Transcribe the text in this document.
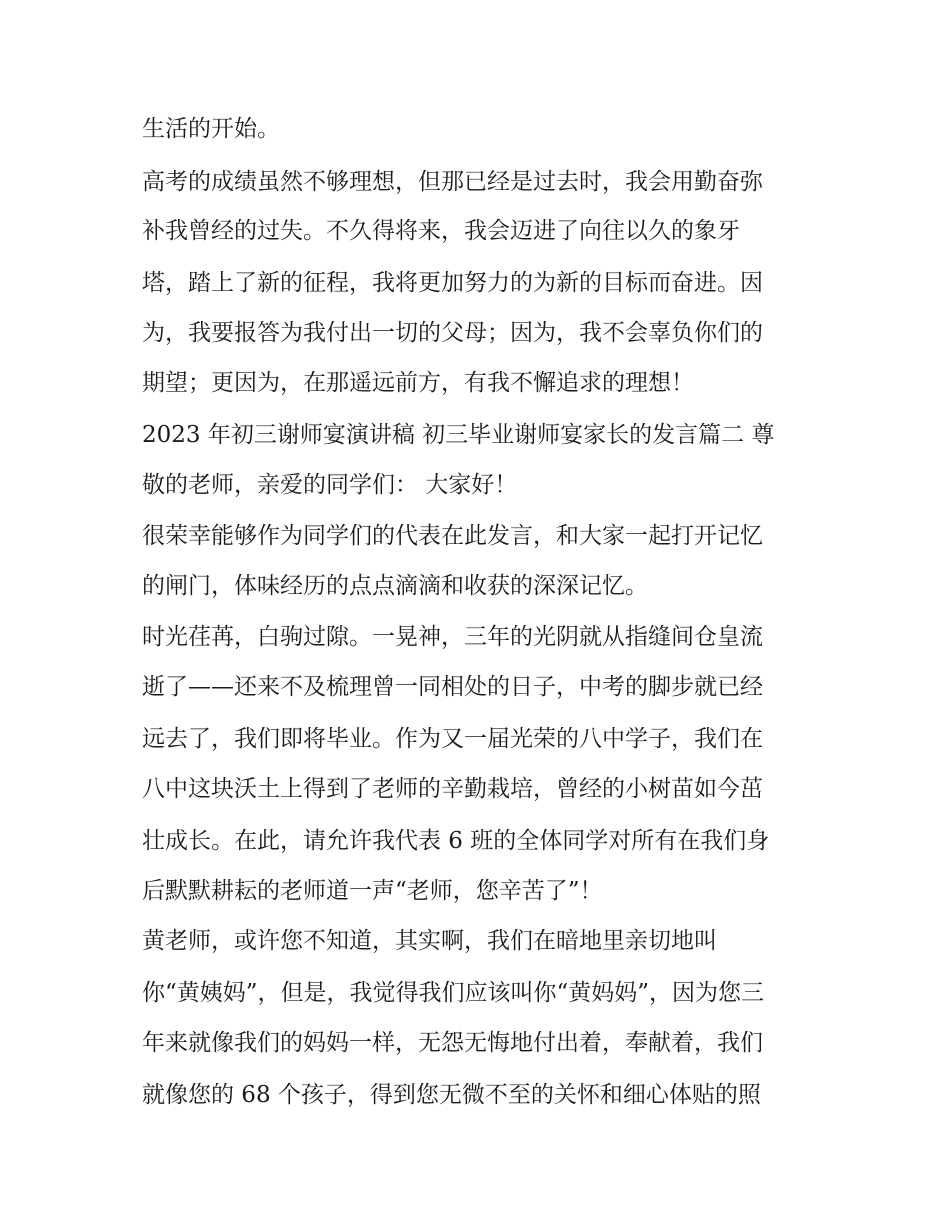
生活的开始。

高考的成绩虽然不够理想，但那已经是过去时，我会用勤奋弥

补我曾经的过失。不久得将来，我会迈进了向往以久的象牙

塔，踏上了新的征程，我将更加努力的为新的目标而奋进。因

为，我要报答为我付出一切的父母；因为，我不会辜负你们的

期望；更因为，在那遥远前方，有我不懈追求的理想！

2023 年初三谢师宴演讲稿 初三毕业谢师宴家长的发言篇二 尊

敬的老师，亲爱的同学们： 大家好！

很荣幸能够作为同学们的代表在此发言，和大家一起打开记忆

的闸门，体味经历的点点滴滴和收获的深深记忆。

时光荏苒，白驹过隙。一晃神，三年的光阴就从指缝间仓皇流

逝了——还来不及梳理曾一同相处的日子，中考的脚步就已经

远去了，我们即将毕业。作为又一届光荣的八中学子，我们在

八中这块沃土上得到了老师的辛勤栽培，曾经的小树苗如今茁

壮成长。在此，请允许我代表 6 班的全体同学对所有在我们身

后默默耕耘的老师道一声“老师，您辛苦了”！

黄老师，或许您不知道，其实啊，我们在暗地里亲切地叫

你“黄姨妈”，但是，我觉得我们应该叫你“黄妈妈”，因为您三

年来就像我们的妈妈一样，无怨无悔地付出着，奉献着，我们

就像您的 68 个孩子，得到您无微不至的关怀和细心体贴的照
